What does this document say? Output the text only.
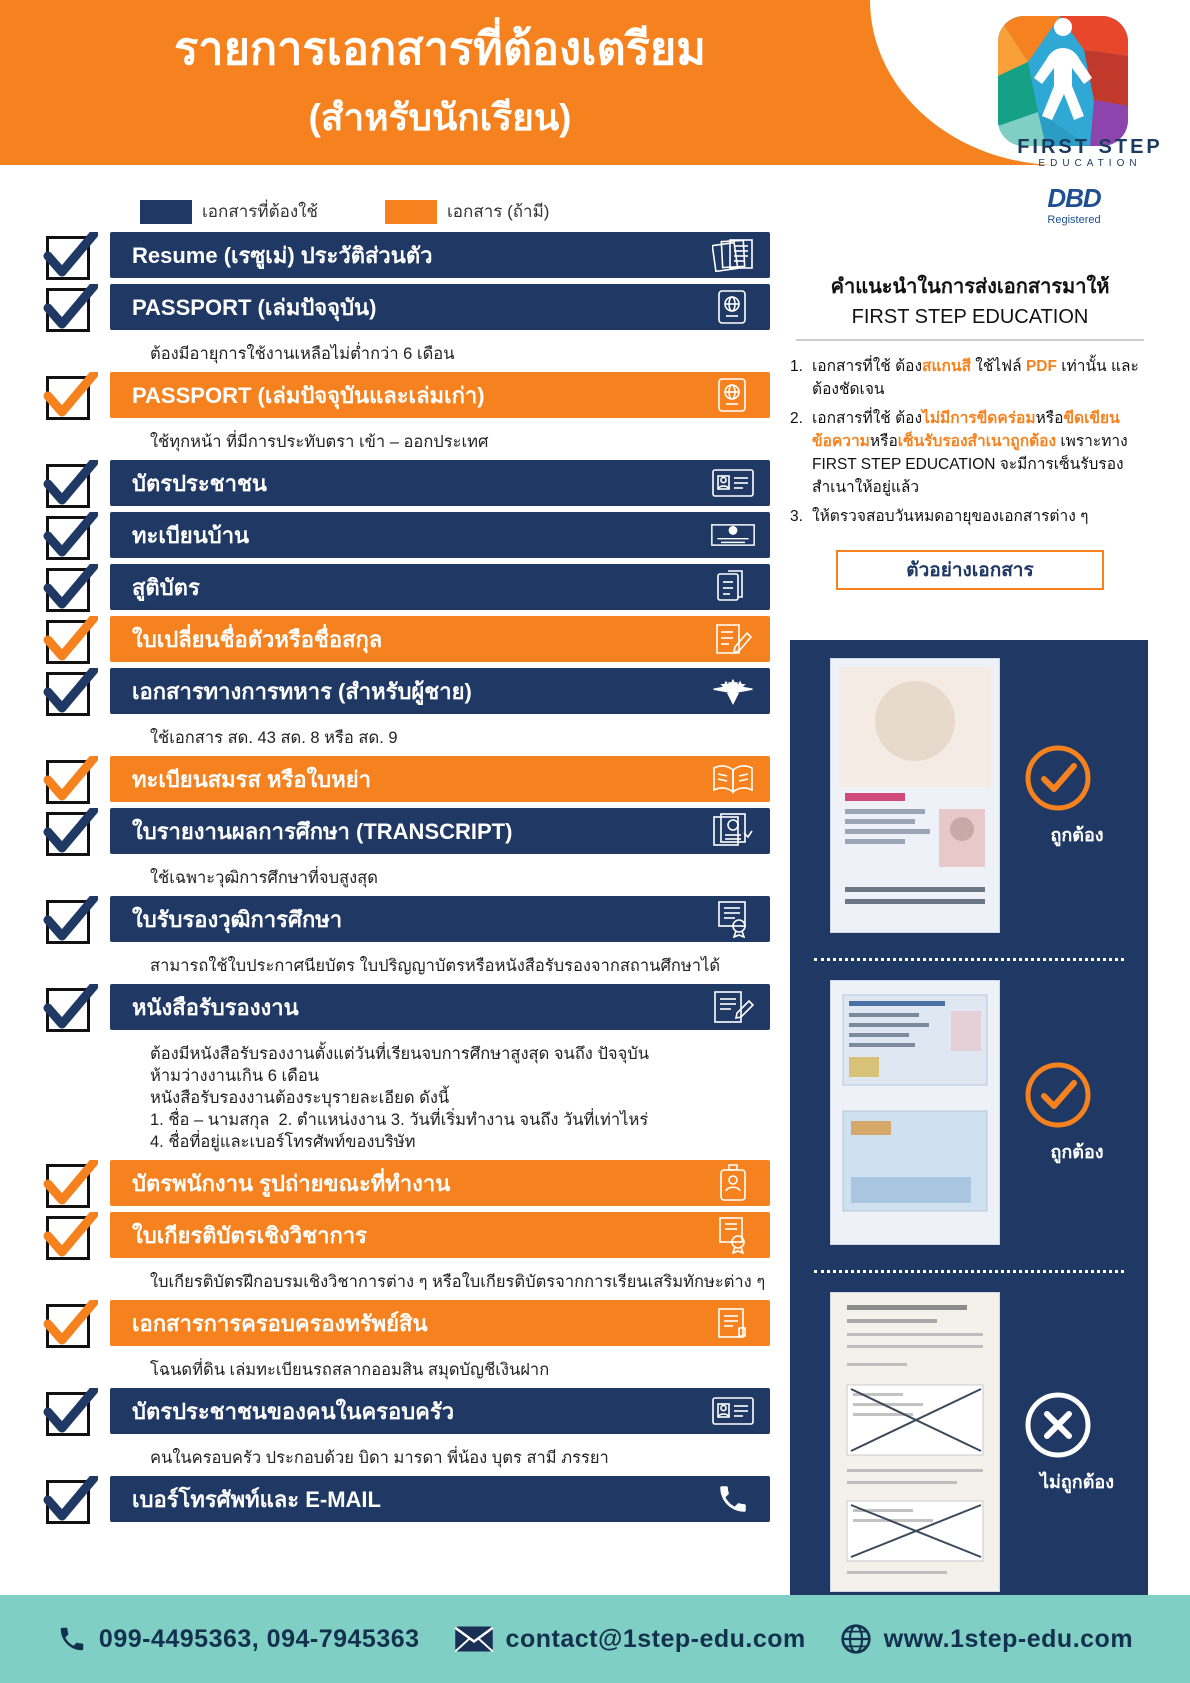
รายการเอกสารที่ต้องเตรียม
(สำหรับนักเรียน)
FIRST STEP
EDUCATION
DBD
Registered
เอกสารที่ต้องใช้	เอกสาร (ถ้ามี)
Resume (เรซูเม่) ประวัติส่วนตัว
PASSPORT (เล่มปัจจุบัน)
ต้องมีอายุการใช้งานเหลือไม่ต่ำกว่า 6 เดือน
PASSPORT (เล่มปัจจุบันและเล่มเก่า)
ใช้ทุกหน้า ที่มีการประทับตรา เข้า – ออกประเทศ
บัตรประชาชน
ทะเบียนบ้าน
สูติบัตร
ใบเปลี่ยนชื่อตัวหรือชื่อสกุล
เอกสารทางการทหาร (สำหรับผู้ชาย)
ใช้เอกสาร สด. 43 สด. 8 หรือ สด. 9
ทะเบียนสมรส หรือใบหย่า
ใบรายงานผลการศึกษา (TRANSCRIPT)
ใช้เฉพาะวุฒิการศึกษาที่จบสูงสุด
ใบรับรองวุฒิการศึกษา
สามารถใช้ใบประกาศนียบัตร ใบปริญญาบัตรหรือหนังสือรับรองจากสถานศึกษาได้
หนังสือรับรองงาน
ต้องมีหนังสือรับรองงานตั้งแต่วันที่เรียนจบการศึกษาสูงสุด จนถึง ปัจจุบัน
ห้ามว่างงานเกิน 6 เดือน
หนังสือรับรองงานต้องระบุรายละเอียด ดังนี้
1. ชื่อ – นามสกุล  2. ตำแหน่งงาน 3. วันที่เริ่มทำงาน จนถึง วันที่เท่าไหร่
4. ชื่อที่อยู่และเบอร์โทรศัพท์ของบริษัท
บัตรพนักงาน รูปถ่ายขณะที่ทำงาน
ใบเกียรติบัตรเชิงวิชาการ
ใบเกียรติบัตรฝึกอบรมเชิงวิชาการต่าง ๆ หรือใบเกียรติบัตรจากการเรียนเสริมทักษะต่าง ๆ
เอกสารการครอบครองทรัพย์สิน
โฉนดที่ดิน เล่มทะเบียนรถสลากออมสิน สมุดบัญชีเงินฝาก
บัตรประชาชนของคนในครอบครัว
คนในครอบครัว ประกอบด้วย บิดา มารดา พี่น้อง บุตร สามี ภรรยา
เบอร์โทรศัพท์และ E-MAIL
คำแนะนำในการส่งเอกสารมาให้
FIRST STEP EDUCATION
1. เอกสารที่ใช้ ต้องสแกนสี ใช้ไฟล์ PDF เท่านั้น และต้องชัดเจน
2. เอกสารที่ใช้ ต้องไม่มีการขีดคร่อมหรือขีดเขียนข้อความหรือเซ็นรับรองสำเนาถูกต้อง เพราะทาง FIRST STEP EDUCATION จะมีการเซ็นรับรองสำเนาให้อยู่แล้ว
3. ให้ตรวจสอบวันหมดอายุของเอกสารต่าง ๆ
ตัวอย่างเอกสาร
ถูกต้อง
ถูกต้อง
ไม่ถูกต้อง
099-4495363, 094-7945363	contact@1step-edu.com	www.1step-edu.com
